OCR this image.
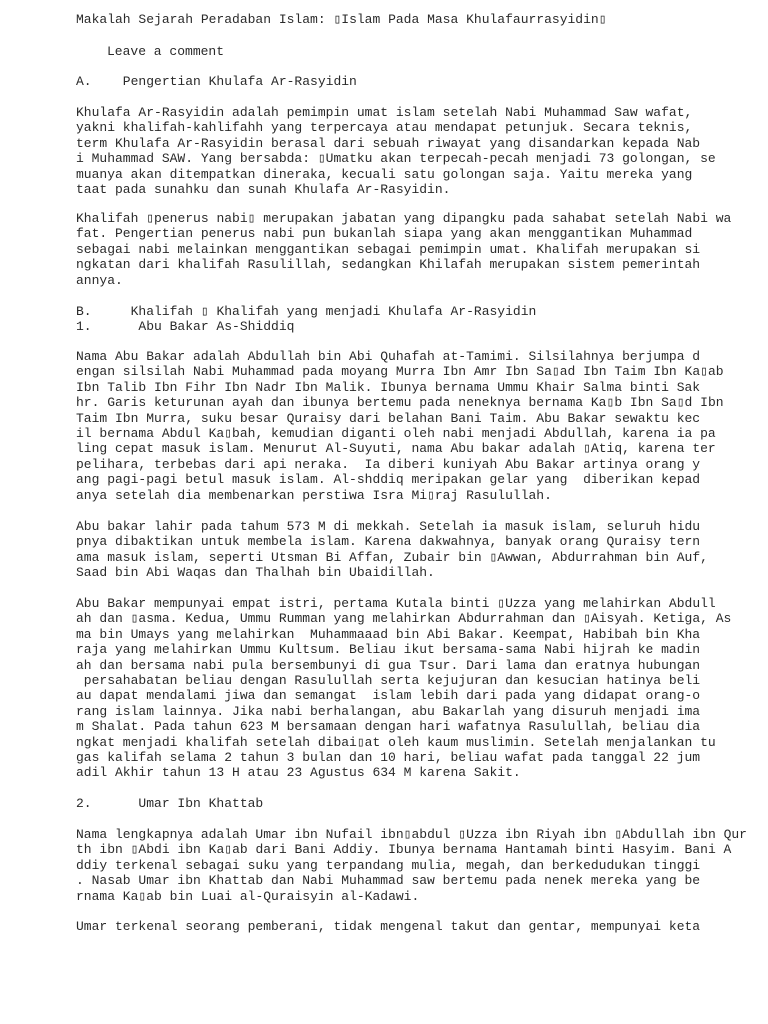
Makalah Sejarah Peradaban Islam: ▯Islam Pada Masa Khulafaurrasyidin▯
Leave a comment
A.    Pengertian Khulafa Ar-Rasyidin
Khulafa Ar-Rasyidin adalah pemimpin umat islam setelah Nabi Muhammad Saw wafat,
yakni khalifah-kahlifahh yang terpercaya atau mendapat petunjuk. Secara teknis,
term Khulafa Ar-Rasyidin berasal dari sebuah riwayat yang disandarkan kepada Nab
i Muhammad SAW. Yang bersabda: ▯Umatku akan terpecah-pecah menjadi 73 golongan, se
muanya akan ditempatkan dineraka, kecuali satu golongan saja. Yaitu mereka yang
taat pada sunahku dan sunah Khulafa Ar-Rasyidin.
Khalifah ▯penerus nabi▯ merupakan jabatan yang dipangku pada sahabat setelah Nabi wa
fat. Pengertian penerus nabi pun bukanlah siapa yang akan menggantikan Muhammad
sebagai nabi melainkan menggantikan sebagai pemimpin umat. Khalifah merupakan si
ngkatan dari khalifah Rasulillah, sedangkan Khilafah merupakan sistem pemerintah
annya.
B.     Khalifah ▯ Khalifah yang menjadi Khulafa Ar-Rasyidin
1.      Abu Bakar As-Shiddiq
Nama Abu Bakar adalah Abdullah bin Abi Quhafah at-Tamimi. Silsilahnya berjumpa d
engan silsilah Nabi Muhammad pada moyang Murra Ibn Amr Ibn Sa▯ad Ibn Taim Ibn Ka▯ab
Ibn Talib Ibn Fihr Ibn Nadr Ibn Malik. Ibunya bernama Ummu Khair Salma binti Sak
hr. Garis keturunan ayah dan ibunya bertemu pada neneknya bernama Ka▯b Ibn Sa▯d Ibn
Taim Ibn Murra, suku besar Quraisy dari belahan Bani Taim. Abu Bakar sewaktu kec
il bernama Abdul Ka▯bah, kemudian diganti oleh nabi menjadi Abdullah, karena ia pa
ling cepat masuk islam. Menurut Al-Suyuti, nama Abu bakar adalah ▯Atiq, karena ter
pelihara, terbebas dari api neraka.  Ia diberi kuniyah Abu Bakar artinya orang y
ang pagi-pagi betul masuk islam. Al-shddiq meripakan gelar yang  diberikan kepad
anya setelah dia membenarkan perstiwa Isra Mi▯raj Rasulullah.
Abu bakar lahir pada tahum 573 M di mekkah. Setelah ia masuk islam, seluruh hidu
pnya dibaktikan untuk membela islam. Karena dakwahnya, banyak orang Quraisy tern
ama masuk islam, seperti Utsman Bi Affan, Zubair bin ▯Awwan, Abdurrahman bin Auf,
Saad bin Abi Waqas dan Thalhah bin Ubaidillah.
Abu Bakar mempunyai empat istri, pertama Kutala binti ▯Uzza yang melahirkan Abdull
ah dan ▯asma. Kedua, Ummu Rumman yang melahirkan Abdurrahman dan ▯Aisyah. Ketiga, As
ma bin Umays yang melahirkan  Muhammaaad bin Abi Bakar. Keempat, Habibah bin Kha
raja yang melahirkan Ummu Kultsum. Beliau ikut bersama-sama Nabi hijrah ke madin
ah dan bersama nabi pula bersembunyi di gua Tsur. Dari lama dan eratnya hubungan
persahabatan beliau dengan Rasulullah serta kejujuran dan kesucian hatinya beli
au dapat mendalami jiwa dan semangat  islam lebih dari pada yang didapat orang-o
rang islam lainnya. Jika nabi berhalangan, abu Bakarlah yang disuruh menjadi ima
m Shalat. Pada tahun 623 M bersamaan dengan hari wafatnya Rasulullah, beliau dia
ngkat menjadi khalifah setelah dibai▯at oleh kaum muslimin. Setelah menjalankan tu
gas kalifah selama 2 tahun 3 bulan dan 10 hari, beliau wafat pada tanggal 22 jum
adil Akhir tahun 13 H atau 23 Agustus 634 M karena Sakit.
2.      Umar Ibn Khattab
Nama lengkapnya adalah Umar ibn Nufail ibn▯abdul ▯Uzza ibn Riyah ibn ▯Abdullah ibn Qur
th ibn ▯Abdi ibn Ka▯ab dari Bani Addiy. Ibunya bernama Hantamah binti Hasyim. Bani A
ddiy terkenal sebagai suku yang terpandang mulia, megah, dan berkedudukan tinggi
. Nasab Umar ibn Khattab dan Nabi Muhammad saw bertemu pada nenek mereka yang be
rnama Ka▯ab bin Luai al-Quraisyin al-Kadawi.
Umar terkenal seorang pemberani, tidak mengenal takut dan gentar, mempunyai keta
